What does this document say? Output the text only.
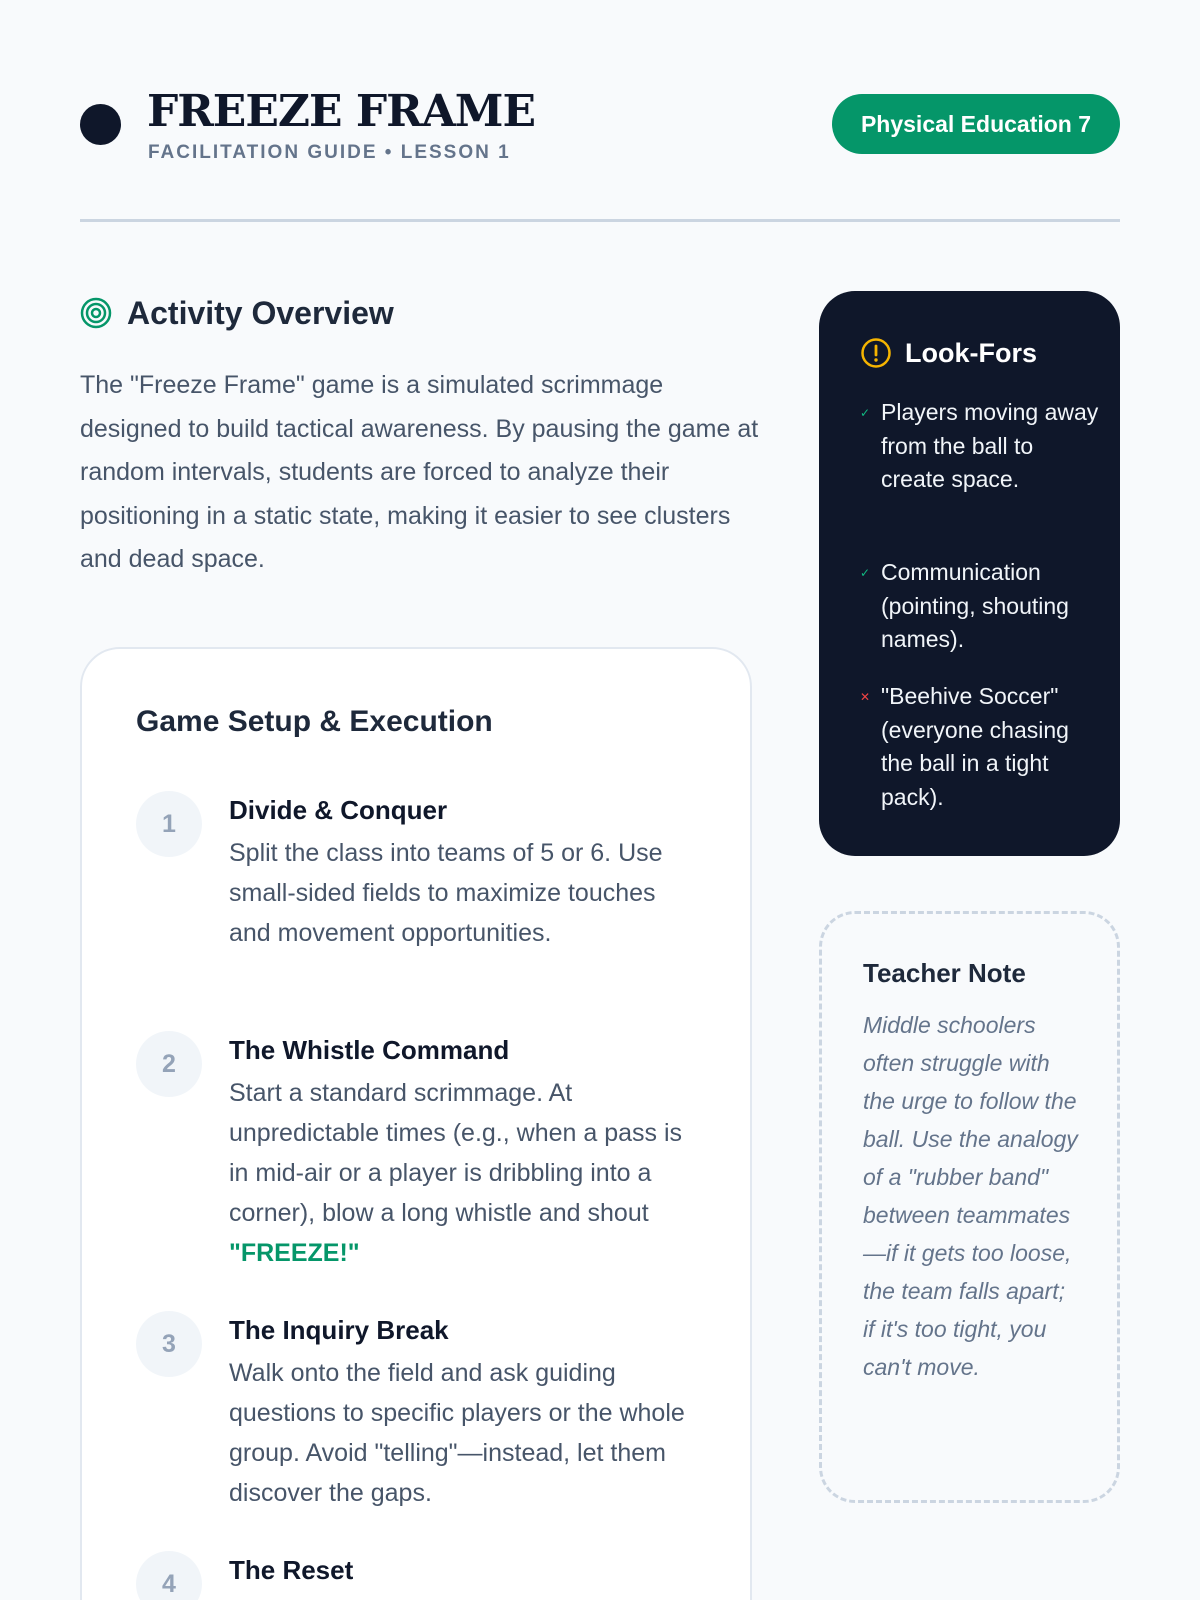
FREEZE FRAME
FACILITATION GUIDE • LESSON 1
Physical Education 7
Activity Overview

The "Freeze Frame" game is a simulated scrimmage designed to build tactical awareness. By pausing the game at random intervals, students are forced to analyze their positioning in a static state, making it easier to see clusters and dead space.

Game Setup & Execution
1	Divide & Conquer
Split the class into teams of 5 or 6. Use small-sided fields to maximize touches and movement opportunities.
2	The Whistle Command
Start a standard scrimmage. At unpredictable times (e.g., when a pass is in mid-air or a player is dribbling into a corner), blow a long whistle and shout "FREEZE!"
3	The Inquiry Break
Walk onto the field and ask guiding questions to specific players or the whole group. Avoid "telling"—instead, let them discover the gaps.
4	The Reset
Look-Fors
✓ Players moving away from the ball to create space.
✓ Communication (pointing, shouting names).
✕ "Beehive Soccer" (everyone chasing the ball in a tight pack).
Teacher Note

Middle schoolers often struggle with the urge to follow the ball. Use the analogy of a "rubber band" between teammates—if it gets too loose, the team falls apart; if it's too tight, you can't move.
